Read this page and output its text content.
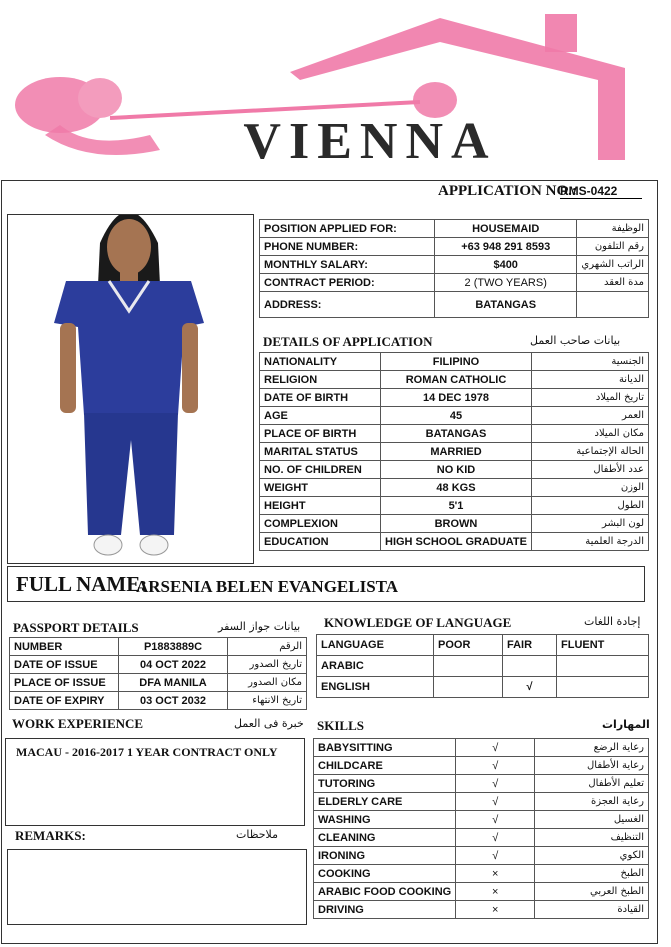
VIENNA
APPLICATION NO.:
RMS-0422
POSITION APPLIED FOR:	HOUSEMAID	الوظيفة
PHONE NUMBER:	+63 948 291 8593	رقم التلفون
MONTHLY SALARY:	$400	الراتب الشهري
CONTRACT PERIOD:	2 (TWO YEARS)	مدة العقد
ADDRESS:	BATANGAS	
DETAILS OF APPLICATION	بيانات صاحب العمل
NATIONALITY	FILIPINO	الجنسية
RELIGION	ROMAN CATHOLIC	الديانة
DATE OF BIRTH	14 DEC 1978	تاريخ الميلاد
AGE	45	العمر
PLACE OF BIRTH	BATANGAS	مكان الميلاد
MARITAL STATUS	MARRIED	الحالة الإجتماعية
NO. OF CHILDREN	NO KID	عدد الأطفال
WEIGHT	48 KGS	الوزن
HEIGHT	5'1	الطول
COMPLEXION	BROWN	لون البشر
EDUCATION	HIGH SCHOOL GRADUATE	الدرجة العلمية
FULL NAME:
ARSENIA BELEN EVANGELISTA
PASSPORT DETAILS	بيانات جواز السفر
NUMBER	P1883889C	الرقم
DATE OF ISSUE	04 OCT 2022	تاريخ الصدور
PLACE OF ISSUE	DFA MANILA	مكان الصدور
DATE OF EXPIRY	03 OCT 2032	تاريخ الانتهاء
KNOWLEDGE OF LANGUAGE	إجادة اللغات
LANGUAGE	POOR	FAIR	FLUENT
ARABIC			
ENGLISH		√	
WORK EXPERIENCE	خبرة فى العمل
MACAU - 2016-2017 1 YEAR CONTRACT ONLY
REMARKS:	ملاحظات
SKILLS	المهارات
BABYSITTING	√	رعاية الرضع
CHILDCARE	√	رعاية الأطفال
TUTORING	√	تعليم الأطفال
ELDERLY CARE	√	رعاية العجزة
WASHING	√	الغسيل
CLEANING	√	التنظيف
IRONING	√	الكوي
COOKING	×	الطبخ
ARABIC FOOD COOKING	×	الطبخ العربي
DRIVING	×	القيادة
